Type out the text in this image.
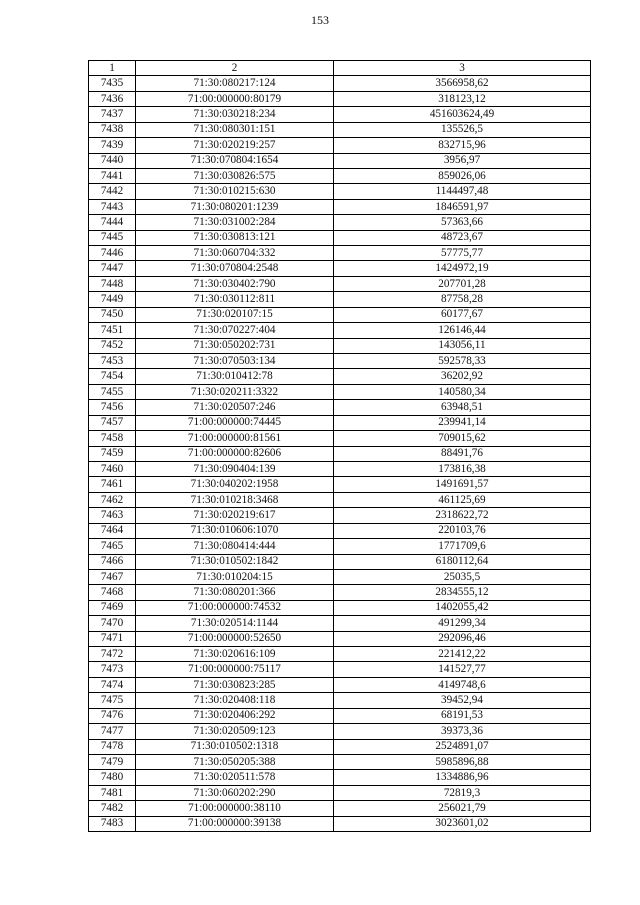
153
1	2	3
7435	71:30:080217:124	3566958,62
7436	71:00:000000:80179	318123,12
7437	71:30:030218:234	451603624,49
7438	71:30:080301:151	135526,5
7439	71:30:020219:257	832715,96
7440	71:30:070804:1654	3956,97
7441	71:30:030826:575	859026,06
7442	71:30:010215:630	1144497,48
7443	71:30:080201:1239	1846591,97
7444	71:30:031002:284	57363,66
7445	71:30:030813:121	48723,67
7446	71:30:060704:332	57775,77
7447	71:30:070804:2548	1424972,19
7448	71:30:030402:790	207701,28
7449	71:30:030112:811	87758,28
7450	71:30:020107:15	60177,67
7451	71:30:070227:404	126146,44
7452	71:30:050202:731	143056,11
7453	71:30:070503:134	592578,33
7454	71:30:010412:78	36202,92
7455	71:30:020211:3322	140580,34
7456	71:30:020507:246	63948,51
7457	71:00:000000:74445	239941,14
7458	71:00:000000:81561	709015,62
7459	71:00:000000:82606	88491,76
7460	71:30:090404:139	173816,38
7461	71:30:040202:1958	1491691,57
7462	71:30:010218:3468	461125,69
7463	71:30:020219:617	2318622,72
7464	71:30:010606:1070	220103,76
7465	71:30:080414:444	1771709,6
7466	71:30:010502:1842	6180112,64
7467	71:30:010204:15	25035,5
7468	71:30:080201:366	2834555,12
7469	71:00:000000:74532	1402055,42
7470	71:30:020514:1144	491299,34
7471	71:00:000000:52650	292096,46
7472	71:30:020616:109	221412,22
7473	71:00:000000:75117	141527,77
7474	71:30:030823:285	4149748,6
7475	71:30:020408:118	39452,94
7476	71:30:020406:292	68191,53
7477	71:30:020509:123	39373,36
7478	71:30:010502:1318	2524891,07
7479	71:30:050205:388	5985896,88
7480	71:30:020511:578	1334886,96
7481	71:30:060202:290	72819,3
7482	71:00:000000:38110	256021,79
7483	71:00:000000:39138	3023601,02
